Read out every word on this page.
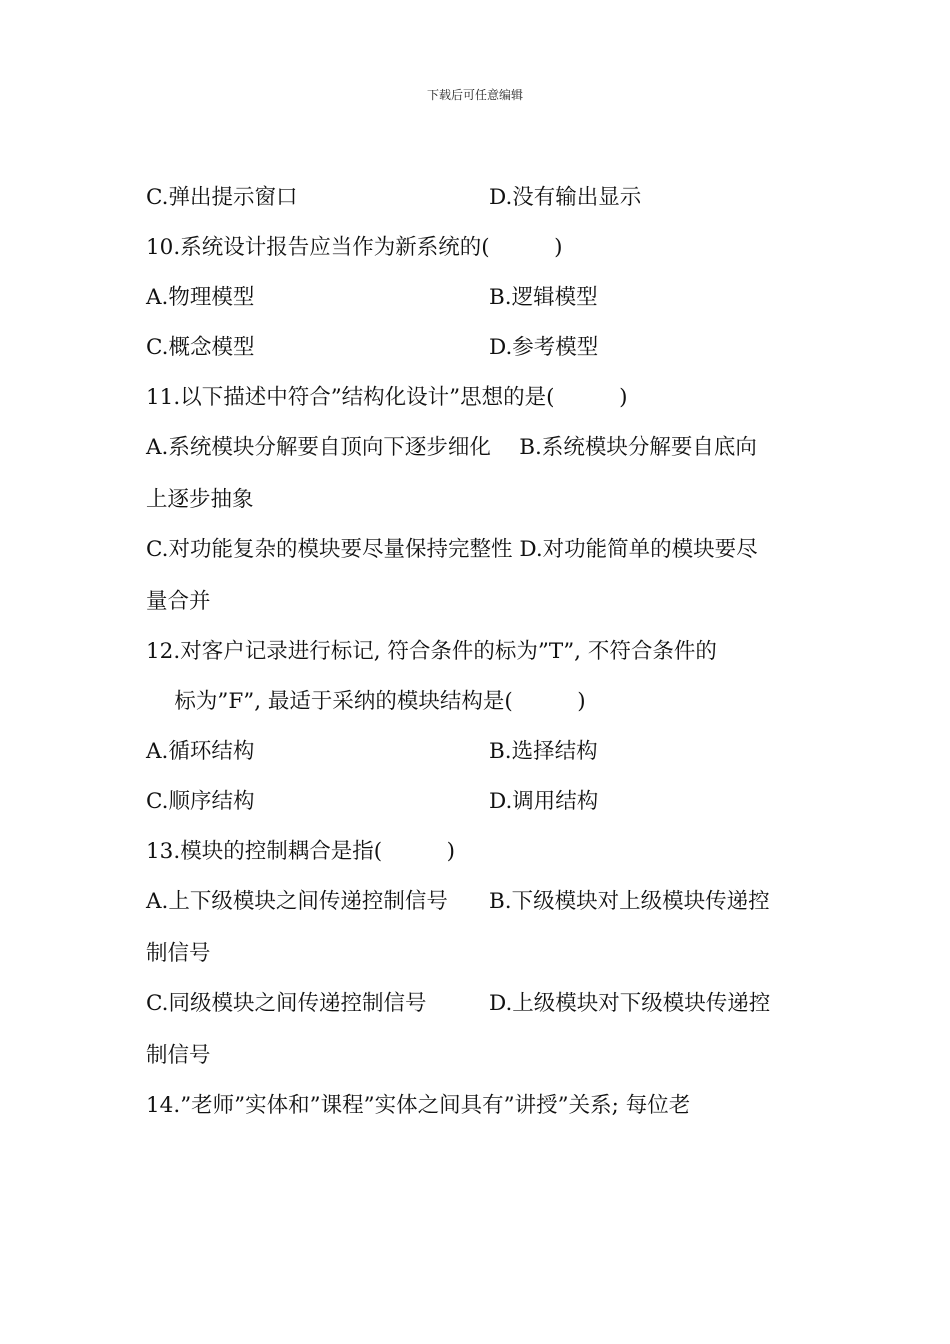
下载后可任意编辑
C.弹出提示窗口	D.没有输出显示
10.系统设计报告应当作为新系统的(　　　)
A.物理模型	B.逻辑模型
C.概念模型	D.参考模型
11.以下描述中符合”结构化设计”思想的是(　　　)
A.系统模块分解要自顶向下逐步细化　 B.系统模块分解要自底向
上逐步抽象
C.对功能复杂的模块要尽量保持完整性 D.对功能简单的模块要尽
量合并
12.对客户记录进行标记, 符合条件的标为”T”, 不符合条件的
　 标为”F”, 最适于采纳的模块结构是(　　　)
A.循环结构	B.选择结构
C.顺序结构	D.调用结构
13.模块的控制耦合是指(　　　)
A.上下级模块之间传递控制信号 B.下级模块对上级模块传递控
制信号
C.同级模块之间传递控制信号	D.上级模块对下级模块传递控
制信号
14.”老师”实体和”课程”实体之间具有”讲授”关系; 每位老
